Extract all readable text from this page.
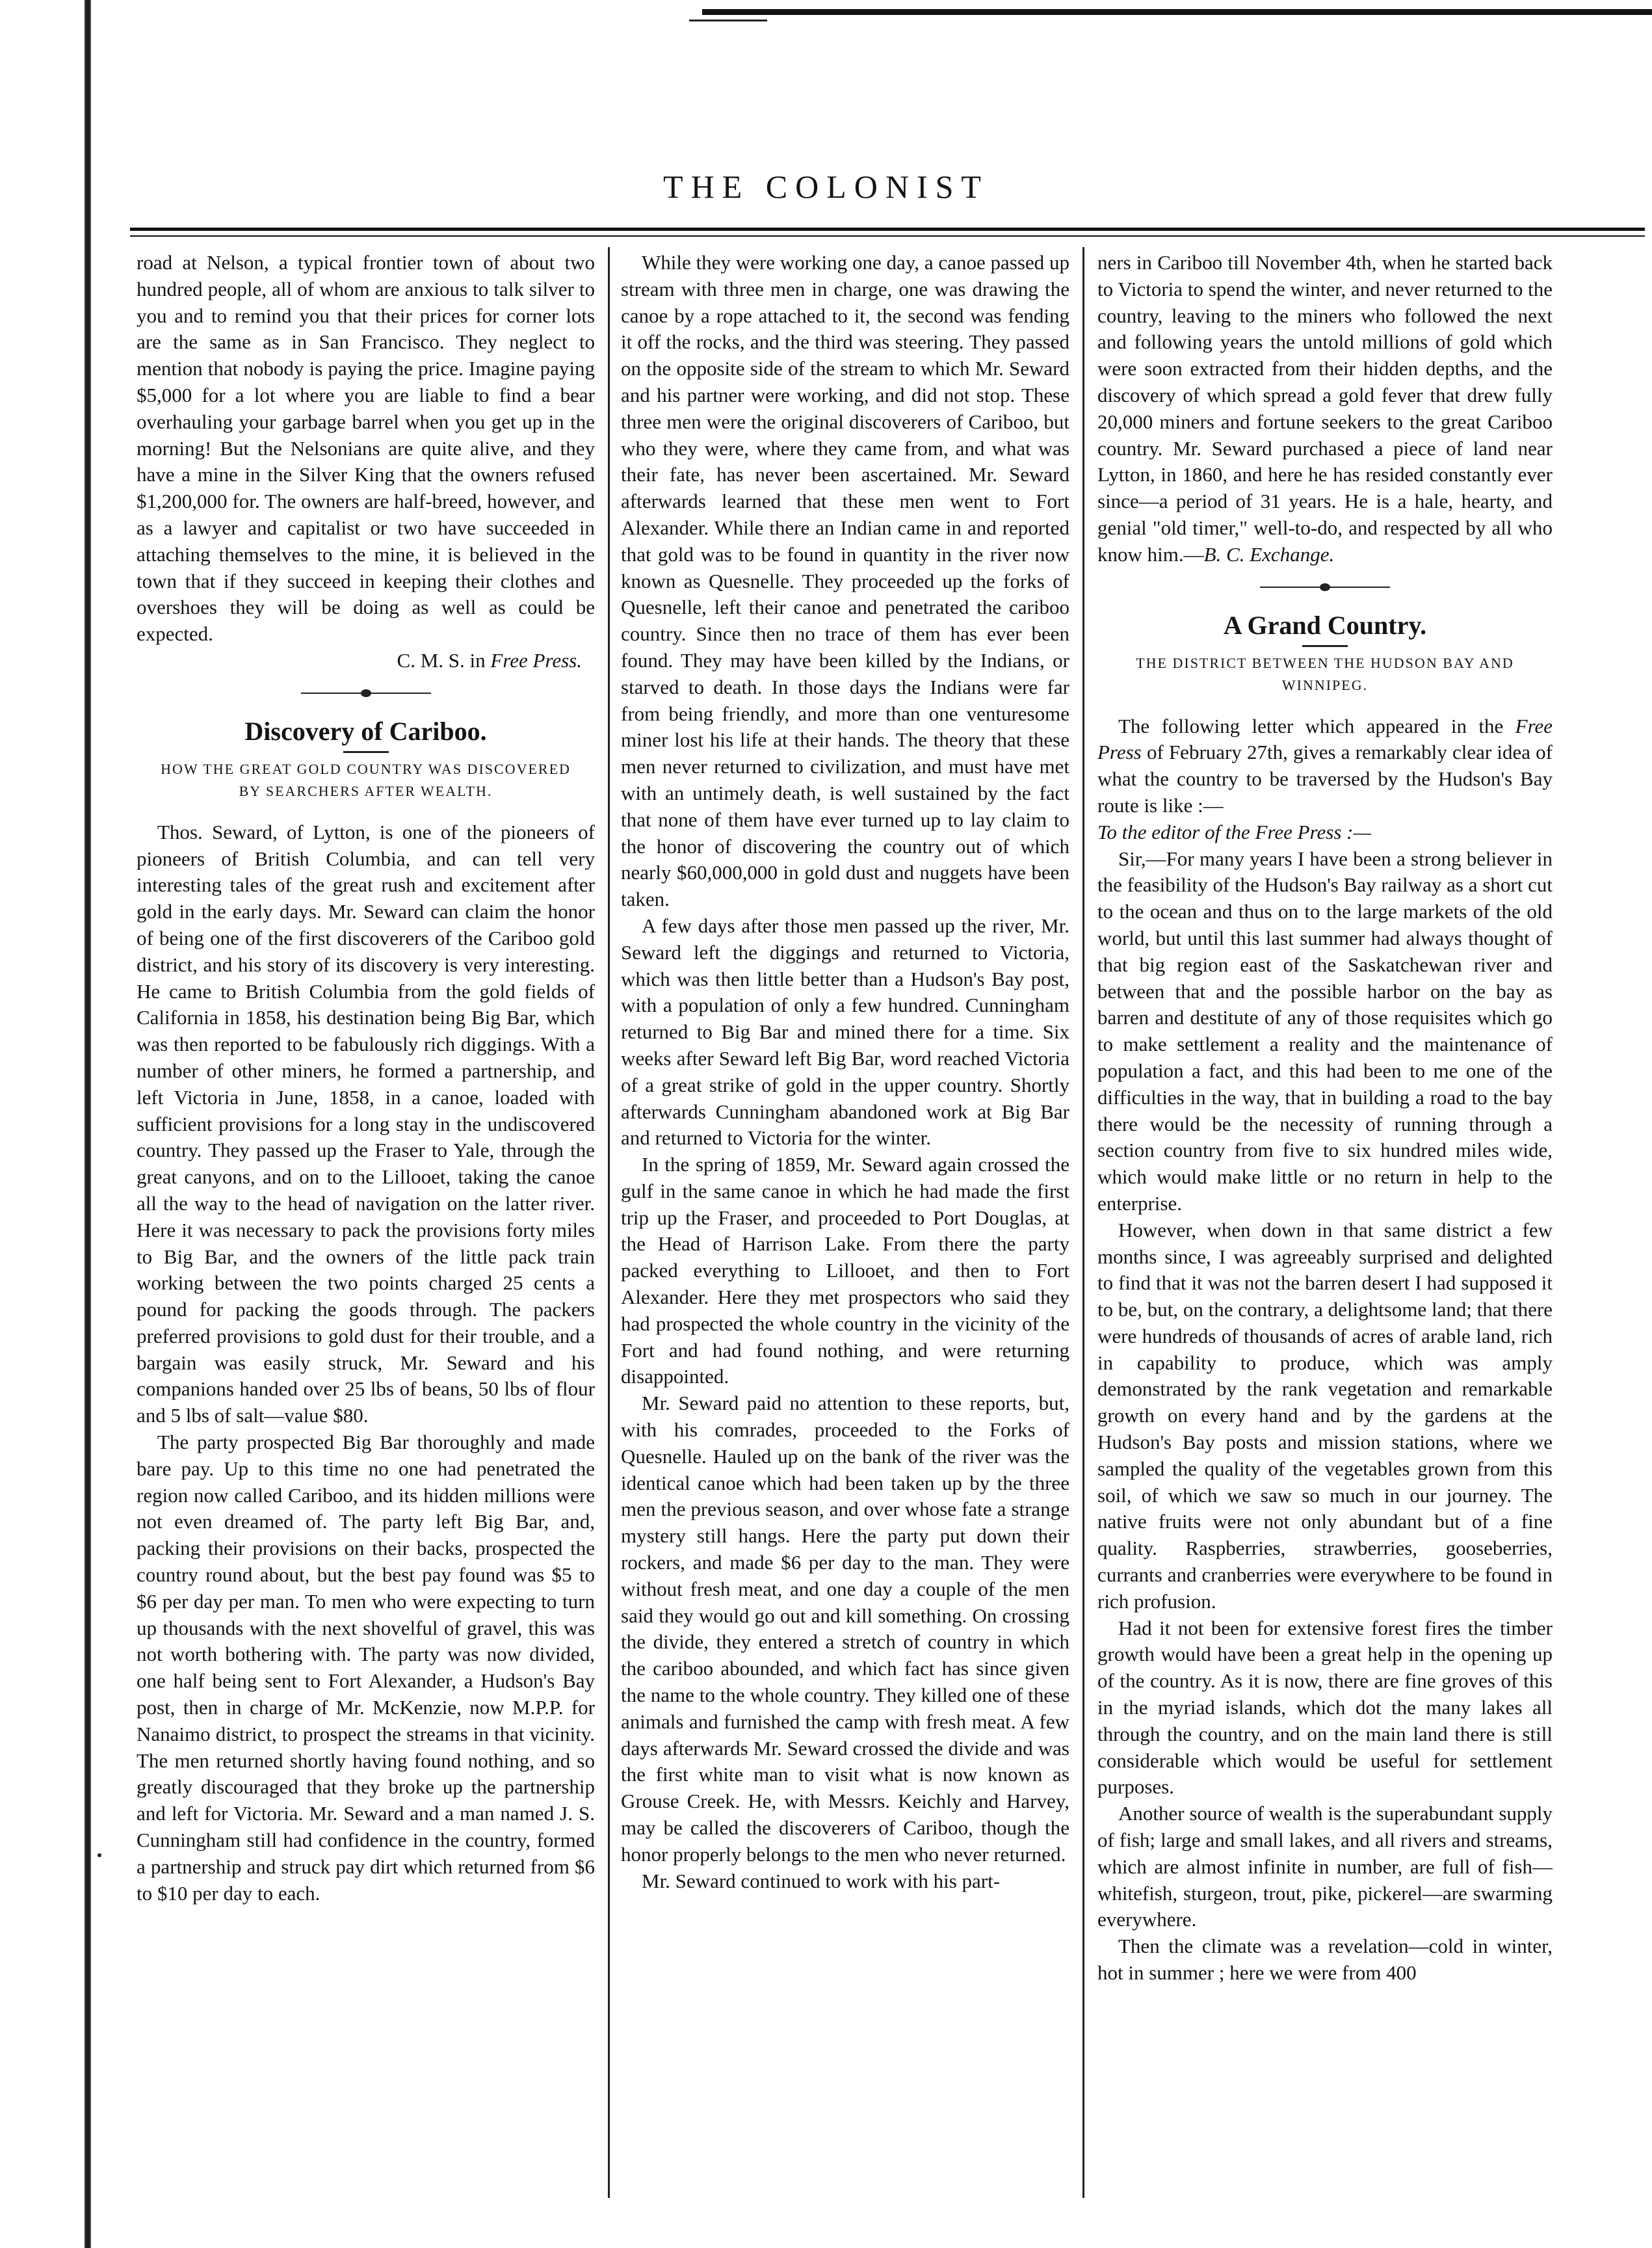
THE COLONIST

road at Nelson, a typical frontier town of about two hundred people, all of whom are anxious to talk silver to you and to remind you that their prices for corner lots are the same as in San Francisco. They neglect to mention that nobody is paying the price. Imagine paying $5,000 for a lot where you are liable to find a bear overhauling your garbage barrel when you get up in the morning! But the Nelsonians are quite alive, and they have a mine in the Silver King that the owners refused $1,200,000 for. The owners are half-breed, however, and as a lawyer and capitalist or two have succeeded in attaching themselves to the mine, it is believed in the town that if they succeed in keeping their clothes and overshoes they will be doing as well as could be expected.

C. M. S. in Free Press.

Discovery of Cariboo.
HOW THE GREAT GOLD COUNTRY WAS DISCOVERED BY SEARCHERS AFTER WEALTH.

Thos. Seward, of Lytton, is one of the pioneers of pioneers of British Columbia, and can tell very interesting tales of the great rush and excitement after gold in the early days. Mr. Seward can claim the honor of being one of the first discoverers of the Cariboo gold district, and his story of its discovery is very interesting. He came to British Columbia from the gold fields of California in 1858, his destination being Big Bar, which was then reported to be fabulously rich diggings. With a number of other miners, he formed a partnership, and left Victoria in June, 1858, in a canoe, loaded with sufficient provisions for a long stay in the undiscovered country. They passed up the Fraser to Yale, through the great canyons, and on to the Lillooet, taking the canoe all the way to the head of navigation on the latter river. Here it was necessary to pack the provisions forty miles to Big Bar, and the owners of the little pack train working between the two points charged 25 cents a pound for packing the goods through. The packers preferred provisions to gold dust for their trouble, and a bargain was easily struck, Mr. Seward and his companions handed over 25 lbs of beans, 50 lbs of flour and 5 lbs of salt—value $80.

The party prospected Big Bar thoroughly and made bare pay. Up to this time no one had penetrated the region now called Cariboo, and its hidden millions were not even dreamed of. The party left Big Bar, and, packing their provisions on their backs, prospected the country round about, but the best pay found was $5 to $6 per day per man. To men who were expecting to turn up thousands with the next shovelful of gravel, this was not worth bothering with. The party was now divided, one half being sent to Fort Alexander, a Hudson's Bay post, then in charge of Mr. McKenzie, now M.P.P. for Nanaimo district, to prospect the streams in that vicinity. The men returned shortly having found nothing, and so greatly discouraged that they broke up the partnership and left for Victoria. Mr. Seward and a man named J. S. Cunningham still had confidence in the country, formed a partnership and struck pay dirt which returned from $6 to $10 per day to each.

While they were working one day, a canoe passed up stream with three men in charge, one was drawing the canoe by a rope attached to it, the second was fending it off the rocks, and the third was steering. They passed on the opposite side of the stream to which Mr. Seward and his partner were working, and did not stop. These three men were the original discoverers of Cariboo, but who they were, where they came from, and what was their fate, has never been ascertained. Mr. Seward afterwards learned that these men went to Fort Alexander. While there an Indian came in and reported that gold was to be found in quantity in the river now known as Quesnelle. They proceeded up the forks of Quesnelle, left their canoe and penetrated the cariboo country. Since then no trace of them has ever been found. They may have been killed by the Indians, or starved to death. In those days the Indians were far from being friendly, and more than one venturesome miner lost his life at their hands. The theory that these men never returned to civilization, and must have met with an untimely death, is well sustained by the fact that none of them have ever turned up to lay claim to the honor of discovering the country out of which nearly $60,000,000 in gold dust and nuggets have been taken.

A few days after those men passed up the river, Mr. Seward left the diggings and returned to Victoria, which was then little better than a Hudson's Bay post, with a population of only a few hundred. Cunningham returned to Big Bar and mined there for a time. Six weeks after Seward left Big Bar, word reached Victoria of a great strike of gold in the upper country. Shortly afterwards Cunningham abandoned work at Big Bar and returned to Victoria for the winter.

In the spring of 1859, Mr. Seward again crossed the gulf in the same canoe in which he had made the first trip up the Fraser, and proceeded to Port Douglas, at the Head of Harrison Lake. From there the party packed everything to Lillooet, and then to Fort Alexander. Here they met prospectors who said they had prospected the whole country in the vicinity of the Fort and had found nothing, and were returning disappointed.

Mr. Seward paid no attention to these reports, but, with his comrades, proceeded to the Forks of Quesnelle. Hauled up on the bank of the river was the identical canoe which had been taken up by the three men the previous season, and over whose fate a strange mystery still hangs. Here the party put down their rockers, and made $6 per day to the man. They were without fresh meat, and one day a couple of the men said they would go out and kill something. On crossing the divide, they entered a stretch of country in which the cariboo abounded, and which fact has since given the name to the whole country. They killed one of these animals and furnished the camp with fresh meat. A few days afterwards Mr. Seward crossed the divide and was the first white man to visit what is now known as Grouse Creek. He, with Messrs. Keichly and Harvey, may be called the discoverers of Cariboo, though the honor properly belongs to the men who never returned.

Mr. Seward continued to work with his part-

ners in Cariboo till November 4th, when he started back to Victoria to spend the winter, and never returned to the country, leaving to the miners who followed the next and following years the untold millions of gold which were soon extracted from their hidden depths, and the discovery of which spread a gold fever that drew fully 20,000 miners and fortune seekers to the great Cariboo country. Mr. Seward purchased a piece of land near Lytton, in 1860, and here he has resided constantly ever since—a period of 31 years. He is a hale, hearty, and genial "old timer," well-to-do, and respected by all who know him.—B. C. Exchange.

A Grand Country.
THE DISTRICT BETWEEN THE HUDSON BAY AND WINNIPEG.

The following letter which appeared in the Free Press of February 27th, gives a remarkably clear idea of what the country to be traversed by the Hudson's Bay route is like :—

To the editor of the Free Press :—

Sir,—For many years I have been a strong believer in the feasibility of the Hudson's Bay railway as a short cut to the ocean and thus on to the large markets of the old world, but until this last summer had always thought of that big region east of the Saskatchewan river and between that and the possible harbor on the bay as barren and destitute of any of those requisites which go to make settlement a reality and the maintenance of population a fact, and this had been to me one of the difficulties in the way, that in building a road to the bay there would be the necessity of running through a section country from five to six hundred miles wide, which would make little or no return in help to the enterprise.

However, when down in that same district a few months since, I was agreeably surprised and delighted to find that it was not the barren desert I had supposed it to be, but, on the contrary, a delightsome land; that there were hundreds of thousands of acres of arable land, rich in capability to produce, which was amply demonstrated by the rank vegetation and remarkable growth on every hand and by the gardens at the Hudson's Bay posts and mission stations, where we sampled the quality of the vegetables grown from this soil, of which we saw so much in our journey. The native fruits were not only abundant but of a fine quality. Raspberries, strawberries, gooseberries, currants and cranberries were everywhere to be found in rich profusion.

Had it not been for extensive forest fires the timber growth would have been a great help in the opening up of the country. As it is now, there are fine groves of this in the myriad islands, which dot the many lakes all through the country, and on the main land there is still considerable which would be useful for settlement purposes.

Another source of wealth is the superabundant supply of fish; large and small lakes, and all rivers and streams, which are almost infinite in number, are full of fish—whitefish, sturgeon, trout, pike, pickerel—are swarming everywhere.

Then the climate was a revelation—cold in winter, hot in summer ; here we were from 400
